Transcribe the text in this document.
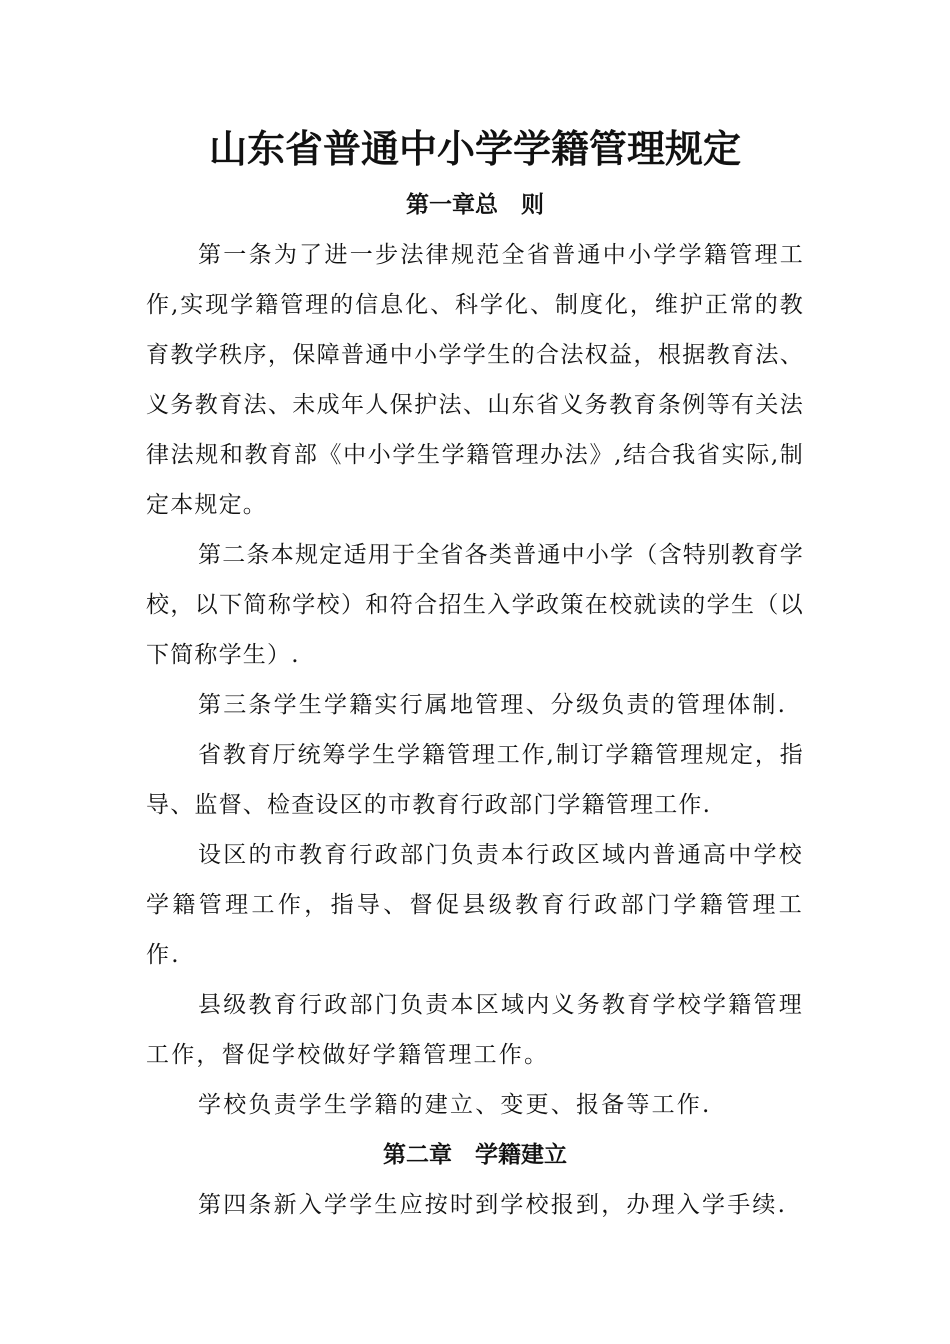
山东省普通中小学学籍管理规定
第一章总　则

第一条为了进一步法律规范全省普通中小学学籍管理工作,实现学籍管理的信息化、科学化、制度化，维护正常的教育教学秩序，保障普通中小学学生的合法权益，根据教育法、义务教育法、未成年人保护法、山东省义务教育条例等有关法律法规和教育部《中小学生学籍管理办法》,结合我省实际,制定本规定。

第二条本规定适用于全省各类普通中小学（含特别教育学校，以下简称学校）和符合招生入学政策在校就读的学生（以下简称学生）.

第三条学生学籍实行属地管理、分级负责的管理体制.

省教育厅统筹学生学籍管理工作,制订学籍管理规定，指导、监督、检查设区的市教育行政部门学籍管理工作.

设区的市教育行政部门负责本行政区域内普通高中学校学籍管理工作，指导、督促县级教育行政部门学籍管理工作.

县级教育行政部门负责本区域内义务教育学校学籍管理工作，督促学校做好学籍管理工作。

学校负责学生学籍的建立、变更、报备等工作.

第二章　学籍建立

第四条新入学学生应按时到学校报到，办理入学手续.
